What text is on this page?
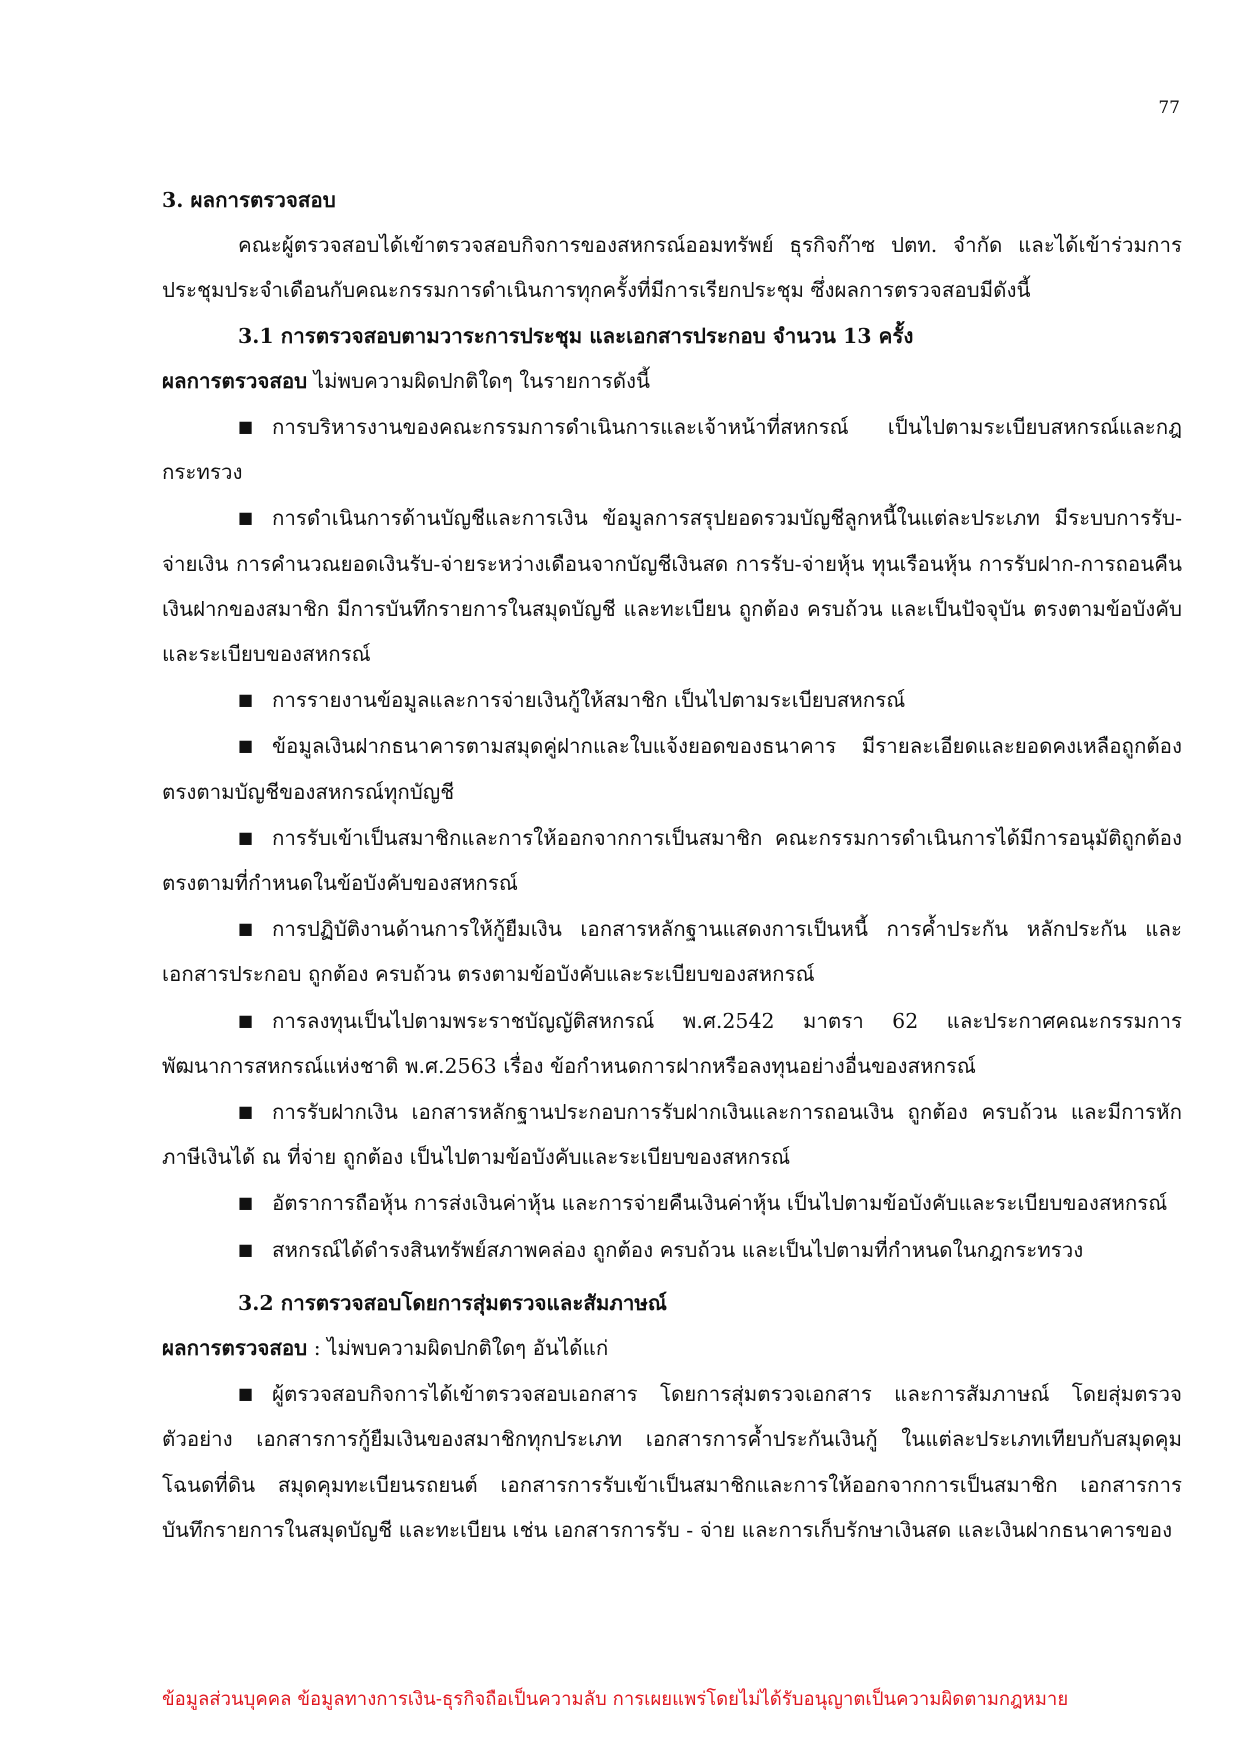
77

3. ผลการตรวจสอบ

คณะผู้ตรวจสอบได้เข้าตรวจสอบกิจการของสหกรณ์ออมทรัพย์ ธุรกิจก๊าซ ปตท. จำกัด และได้เข้าร่วมการประชุมประจำเดือนกับคณะกรรมการดำเนินการทุกครั้งที่มีการเรียกประชุม ซึ่งผลการตรวจสอบมีดังนี้

3.1 การตรวจสอบตามวาระการประชุม และเอกสารประกอบ จำนวน 13 ครั้ง

ผลการตรวจสอบ ไม่พบความผิดปกติใดๆ ในรายการดังนี้

■ การบริหารงานของคณะกรรมการดำเนินการและเจ้าหน้าที่สหกรณ์ เป็นไปตามระเบียบสหกรณ์และกฎกระทรวง

■ การดำเนินการด้านบัญชีและการเงิน ข้อมูลการสรุปยอดรวมบัญชีลูกหนี้ในแต่ละประเภท มีระบบการรับ-จ่ายเงิน การคำนวณยอดเงินรับ-จ่ายระหว่างเดือนจากบัญชีเงินสด การรับ-จ่ายหุ้น ทุนเรือนหุ้น การรับฝาก-การถอนคืนเงินฝากของสมาชิก มีการบันทึกรายการในสมุดบัญชี และทะเบียน ถูกต้อง ครบถ้วน และเป็นปัจจุบัน ตรงตามข้อบังคับและระเบียบของสหกรณ์

■ การรายงานข้อมูลและการจ่ายเงินกู้ให้สมาชิก เป็นไปตามระเบียบสหกรณ์

■ ข้อมูลเงินฝากธนาคารตามสมุดคู่ฝากและใบแจ้งยอดของธนาคาร มีรายละเอียดและยอดคงเหลือถูกต้องตรงตามบัญชีของสหกรณ์ทุกบัญชี

■ การรับเข้าเป็นสมาชิกและการให้ออกจากการเป็นสมาชิก คณะกรรมการดำเนินการได้มีการอนุมัติถูกต้องตรงตามที่กำหนดในข้อบังคับของสหกรณ์

■ การปฏิบัติงานด้านการให้กู้ยืมเงิน เอกสารหลักฐานแสดงการเป็นหนี้ การค้ำประกัน หลักประกัน และเอกสารประกอบ ถูกต้อง ครบถ้วน ตรงตามข้อบังคับและระเบียบของสหกรณ์

■ การลงทุนเป็นไปตามพระราชบัญญัติสหกรณ์ พ.ศ.2542 มาตรา 62 และประกาศคณะกรรมการพัฒนาการสหกรณ์แห่งชาติ พ.ศ.2563 เรื่อง ข้อกำหนดการฝากหรือลงทุนอย่างอื่นของสหกรณ์

■ การรับฝากเงิน เอกสารหลักฐานประกอบการรับฝากเงินและการถอนเงิน ถูกต้อง ครบถ้วน และมีการหักภาษีเงินได้ ณ ที่จ่าย ถูกต้อง เป็นไปตามข้อบังคับและระเบียบของสหกรณ์

■ อัตราการถือหุ้น การส่งเงินค่าหุ้น และการจ่ายคืนเงินค่าหุ้น เป็นไปตามข้อบังคับและระเบียบของสหกรณ์

■ สหกรณ์ได้ดำรงสินทรัพย์สภาพคล่อง ถูกต้อง ครบถ้วน และเป็นไปตามที่กำหนดในกฎกระทรวง

3.2 การตรวจสอบโดยการสุ่มตรวจและสัมภาษณ์

ผลการตรวจสอบ : ไม่พบความผิดปกติใดๆ อันได้แก่

■ ผู้ตรวจสอบกิจการได้เข้าตรวจสอบเอกสาร โดยการสุ่มตรวจเอกสาร และการสัมภาษณ์ โดยสุ่มตรวจตัวอย่าง เอกสารการกู้ยืมเงินของสมาชิกทุกประเภท เอกสารการค้ำประกันเงินกู้ ในแต่ละประเภทเทียบกับสมุดคุมโฉนดที่ดิน สมุดคุมทะเบียนรถยนต์ เอกสารการรับเข้าเป็นสมาชิกและการให้ออกจากการเป็นสมาชิก เอกสารการบันทึกรายการในสมุดบัญชี และทะเบียน เช่น เอกสารการรับ - จ่าย และการเก็บรักษาเงินสด และเงินฝากธนาคารของ

ข้อมูลส่วนบุคคล ข้อมูลทางการเงิน-ธุรกิจถือเป็นความลับ การเผยแพร่โดยไม่ได้รับอนุญาตเป็นความผิดตามกฎหมาย
